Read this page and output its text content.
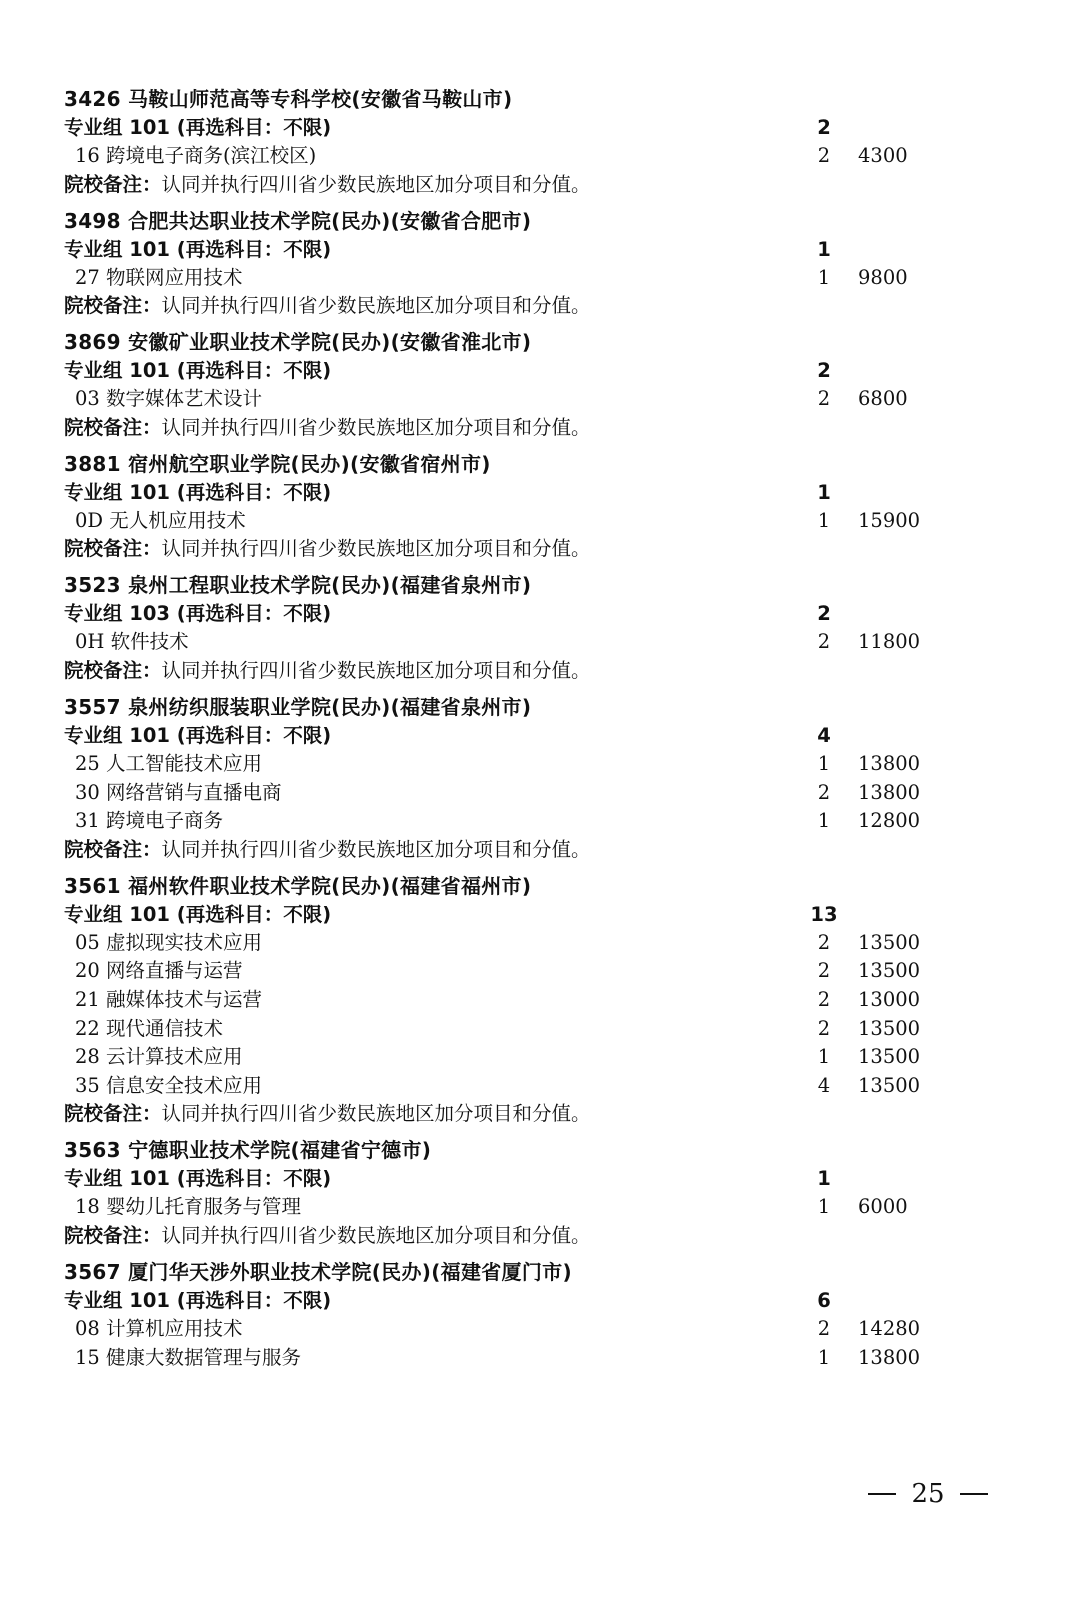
3426 马鞍山师范高等专科学校(安徽省马鞍山市)
专业组 101 (再选科目：不限)	2
16 跨境电子商务(滨江校区)	2	4300
院校备注：认同并执行四川省少数民族地区加分项目和分值。
3498 合肥共达职业技术学院(民办)(安徽省合肥市)
专业组 101 (再选科目：不限)	1
27 物联网应用技术	1	9800
院校备注：认同并执行四川省少数民族地区加分项目和分值。
3869 安徽矿业职业技术学院(民办)(安徽省淮北市)
专业组 101 (再选科目：不限)	2
03 数字媒体艺术设计	2	6800
院校备注：认同并执行四川省少数民族地区加分项目和分值。
3881 宿州航空职业学院(民办)(安徽省宿州市)
专业组 101 (再选科目：不限)	1
0D 无人机应用技术	1	15900
院校备注：认同并执行四川省少数民族地区加分项目和分值。
3523 泉州工程职业技术学院(民办)(福建省泉州市)
专业组 103 (再选科目：不限)	2
0H 软件技术	2	11800
院校备注：认同并执行四川省少数民族地区加分项目和分值。
3557 泉州纺织服装职业学院(民办)(福建省泉州市)
专业组 101 (再选科目：不限)	4
25 人工智能技术应用	1	13800
30 网络营销与直播电商	2	13800
31 跨境电子商务	1	12800
院校备注：认同并执行四川省少数民族地区加分项目和分值。
3561 福州软件职业技术学院(民办)(福建省福州市)
专业组 101 (再选科目：不限)	13
05 虚拟现实技术应用	2	13500
20 网络直播与运营	2	13500
21 融媒体技术与运营	2	13000
22 现代通信技术	2	13500
28 云计算技术应用	1	13500
35 信息安全技术应用	4	13500
院校备注：认同并执行四川省少数民族地区加分项目和分值。
3563 宁德职业技术学院(福建省宁德市)
专业组 101 (再选科目：不限)	1
18 婴幼儿托育服务与管理	1	6000
院校备注：认同并执行四川省少数民族地区加分项目和分值。
3567 厦门华天涉外职业技术学院(民办)(福建省厦门市)
专业组 101 (再选科目：不限)	6
08 计算机应用技术	2	14280
15 健康大数据管理与服务	1	13800
25
